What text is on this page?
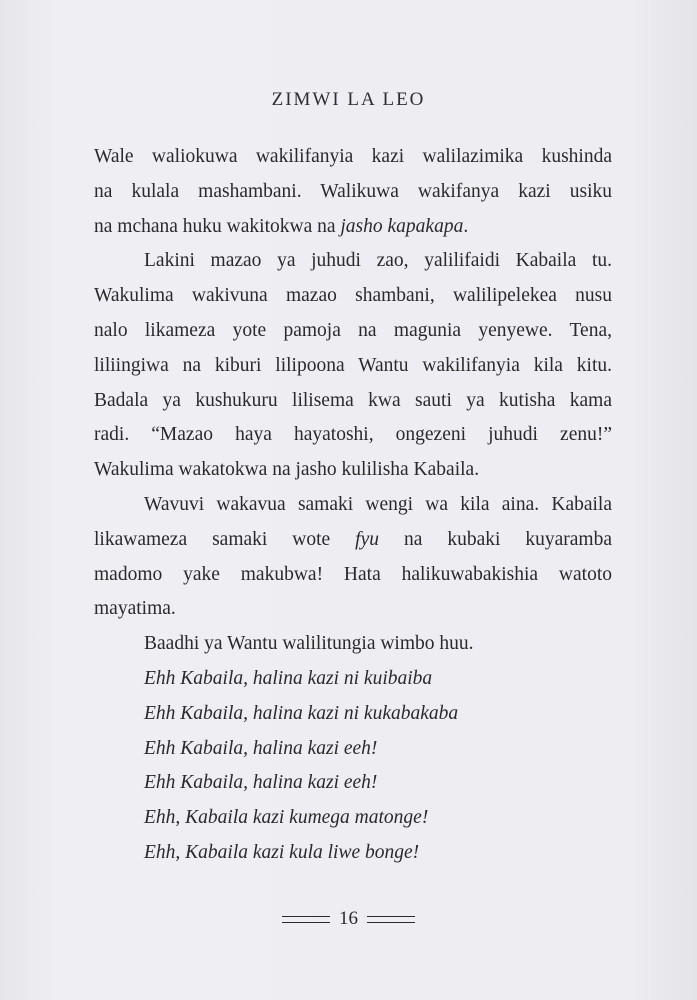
ZIMWI LA LEO
Wale waliokuwa wakilifanyia kazi walilazimika kushinda
na kulala mashambani. Walikuwa wakifanya kazi usiku
na mchana huku wakitokwa na jasho kapakapa.
Lakini mazao ya juhudi zao, yalilifaidi Kabaila tu.
Wakulima wakivuna mazao shambani, walilipelekea nusu
nalo likameza yote pamoja na magunia yenyewe. Tena,
liliingiwa na kiburi lilipoona Wantu wakilifanyia kila kitu.
Badala ya kushukuru lilisema kwa sauti ya kutisha kama
radi. “Mazao haya hayatoshi, ongezeni juhudi zenu!”
Wakulima wakatokwa na jasho kulilisha Kabaila.
Wavuvi wakavua samaki wengi wa kila aina. Kabaila
likawameza samaki wote fyu na kubaki kuyaramba
madomo yake makubwa! Hata halikuwabakishia watoto
mayatima.
Baadhi ya Wantu walilitungia wimbo huu.
Ehh Kabaila, halina kazi ni kuibaiba
Ehh Kabaila, halina kazi ni kukabakaba
Ehh Kabaila, halina kazi eeh!
Ehh Kabaila, halina kazi eeh!
Ehh, Kabaila kazi kumega matonge!
Ehh, Kabaila kazi kula liwe bonge!
16
